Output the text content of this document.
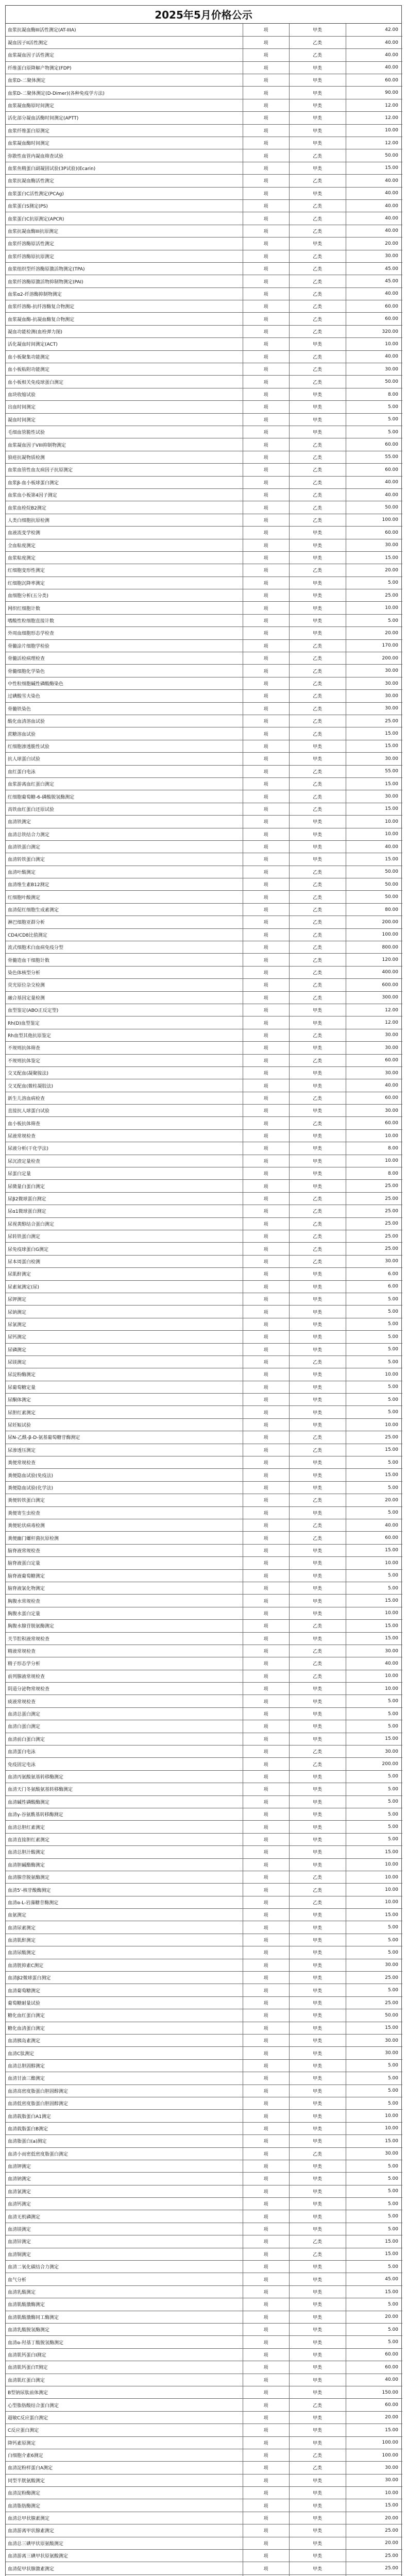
2025年5月价格公示
血浆抗凝血酶III活性测定(AT-IIIA)	项	甲类	42.00
凝血因子II活性测定	项	乙类	40.00
血浆凝血因子活性测定	项	乙类	40.00
纤维蛋白原降解产物测定(FDP)	项	甲类	40.00
血浆D-二聚体测定	项	甲类	60.00
血浆D-二聚体测定(D-Dimer)(各种免疫学方法)	项	甲类	90.00
血浆凝血酶原时间测定	项	甲类	12.00
活化部分凝血活酶时间测定(APTT)	项	甲类	12.00
血浆纤维蛋白原测定	项	甲类	10.00
血浆凝血酶时间测定	项	甲类	12.00
弥散性血管内凝血筛查试验	项	乙类	50.00
血浆鱼精蛋白副凝固试验(3P试验)(Ecarin)	项	甲类	15.00
血浆抗凝血酶活性测定	项	乙类	40.00
血浆蛋白C活性测定(PCAg)	项	甲类	40.00
血浆蛋白S测定(PS)	项	乙类	40.00
血浆蛋白C抗原测定(APCR)	项	乙类	40.00
血浆抗凝血酶III抗原测定	项	乙类	40.00
血浆纤溶酶原活性测定	项	甲类	20.00
血浆纤溶酶原抗原测定	项	乙类	30.00
血浆组织型纤溶酶原激活物测定(TPA)	项	乙类	45.00
血浆纤溶酶原激活物抑制物测定(PAI)	项	乙类	45.00
血浆α2-纤溶酶抑制物测定	项	乙类	40.00
血浆纤溶酶-抗纤溶酶复合物测定	项	乙类	60.00
血浆凝血酶-抗凝血酶复合物测定	项	乙类	60.00
凝血功能检测(血栓弹力图)	项	乙类	320.00
活化凝血时间测定(ACT)	项	甲类	10.00
血小板聚集功能测定	项	乙类	40.00
血小板粘附功能测定	项	乙类	30.00
血小板相关免疫球蛋白测定	项	乙类	50.00
血块收缩试验	项	甲类	8.00
出血时间测定	项	甲类	5.00
凝血时间测定	项	甲类	5.00
毛细血管脆性试验	项	甲类	5.00
血浆凝血因子VIII抑制物测定	项	乙类	60.00
狼疮抗凝物质检测	项	乙类	55.00
血浆血管性血友病因子抗原测定	项	乙类	60.00
血浆β-血小板球蛋白测定	项	乙类	40.00
血浆血小板第4因子测定	项	乙类	40.00
血浆血栓烷B2测定	项	乙类	50.00
人类白细胞抗原检测	项	乙类	100.00
血液流变学检测	项	甲类	60.00
全血粘度测定	项	甲类	30.00
血浆粘度测定	项	甲类	15.00
红细胞变形性测定	项	乙类	20.00
红细胞沉降率测定	项	甲类	5.00
血细胞分析(五分类)	项	甲类	25.00
网织红细胞计数	项	甲类	10.00
嗜酸性粒细胞直接计数	项	甲类	5.00
外周血细胞形态学检查	项	甲类	20.00
骨髓涂片细胞学检验	项	乙类	170.00
骨髓活检病理检查	项	乙类	200.00
骨髓细胞化学染色	项	乙类	30.00
中性粒细胞碱性磷酸酶染色	项	乙类	30.00
过碘酸雪夫染色	项	乙类	30.00
骨髓铁染色	项	乙类	30.00
酸化血清溶血试验	项	乙类	25.00
蔗糖溶血试验	项	乙类	15.00
红细胞渗透脆性试验	项	甲类	15.00
抗人球蛋白试验	项	甲类	30.00
血红蛋白电泳	项	乙类	55.00
血浆游离血红蛋白测定	项	乙类	15.00
红细胞葡萄糖-6-磷酸脱氢酶测定	项	乙类	30.00
高铁血红蛋白还原试验	项	乙类	15.00
血清铁测定	项	甲类	10.00
血清总铁结合力测定	项	甲类	10.00
血清铁蛋白测定	项	甲类	40.00
血清转铁蛋白测定	项	甲类	15.00
血清叶酸测定	项	乙类	50.00
血清维生素B12测定	项	乙类	50.00
红细胞叶酸测定	项	乙类	50.00
血清促红细胞生成素测定	项	乙类	80.00
淋巴细胞亚群分析	项	乙类	200.00
CD4/CD8比值测定	项	乙类	100.00
流式细胞术白血病免疫分型	项	乙类	800.00
骨髓造血干细胞计数	项	乙类	120.00
染色体核型分析	项	乙类	400.00
荧光原位杂交检测	项	乙类	600.00
融合基因定量检测	项	乙类	300.00
血型鉴定(ABO正反定型)	项	甲类	12.00
Rh(D)血型鉴定	项	甲类	12.00
Rh血型其他抗原鉴定	项	乙类	30.00
不规则抗体筛查	项	甲类	30.00
不规则抗体鉴定	项	乙类	60.00
交叉配血(凝聚胺法)	项	甲类	30.00
交叉配血(微柱凝胶法)	项	甲类	40.00
新生儿溶血病检查	项	乙类	60.00
直接抗人球蛋白试验	项	甲类	30.00
血小板抗体筛查	项	乙类	60.00
尿液常规检查	项	甲类	10.00
尿液分析(干化学法)	项	甲类	8.00
尿沉渣定量检查	项	甲类	10.00
尿蛋白定量	项	甲类	8.00
尿微量白蛋白测定	项	甲类	25.00
尿β2微球蛋白测定	项	乙类	25.00
尿α1微球蛋白测定	项	乙类	25.00
尿视黄醇结合蛋白测定	项	乙类	25.00
尿转铁蛋白测定	项	乙类	25.00
尿免疫球蛋白G测定	项	乙类	25.00
尿本周蛋白检测	项	乙类	30.00
尿肌酐测定	项	甲类	6.00
尿素氮测定(尿)	项	甲类	6.00
尿钾测定	项	甲类	5.00
尿钠测定	项	甲类	5.00
尿氯测定	项	甲类	5.00
尿钙测定	项	甲类	5.00
尿磷测定	项	甲类	5.00
尿镁测定	项	乙类	5.00
尿淀粉酶测定	项	甲类	10.00
尿葡萄糖定量	项	甲类	5.00
尿酮体测定	项	甲类	5.00
尿胆红素测定	项	甲类	5.00
尿妊娠试验	项	甲类	10.00
尿N-乙酰-β-D-氨基葡萄糖苷酶测定	项	乙类	25.00
尿渗透压测定	项	乙类	15.00
粪便常规检查	项	甲类	5.00
粪便隐血试验(免疫法)	项	甲类	15.00
粪便隐血试验(化学法)	项	甲类	5.00
粪便转铁蛋白测定	项	乙类	20.00
粪便寄生虫检查	项	甲类	5.00
粪便轮状病毒检测	项	乙类	40.00
粪便幽门螺杆菌抗原检测	项	乙类	60.00
脑脊液常规检查	项	甲类	15.00
脑脊液蛋白定量	项	甲类	10.00
脑脊液葡萄糖测定	项	甲类	5.00
脑脊液氯化物测定	项	甲类	5.00
胸腹水常规检查	项	甲类	15.00
胸腹水蛋白定量	项	甲类	10.00
胸腹水腺苷脱氨酶测定	项	乙类	15.00
关节腔积液常规检查	项	甲类	15.00
精液常规检查	项	乙类	30.00
精子形态学分析	项	乙类	40.00
前列腺液常规检查	项	乙类	10.00
阴道分泌物常规检查	项	甲类	10.00
痰液常规检查	项	甲类	5.00
血清总蛋白测定	项	甲类	5.00
血清白蛋白测定	项	甲类	5.00
血清前白蛋白测定	项	甲类	15.00
血清蛋白电泳	项	乙类	30.00
免疫固定电泳	项	乙类	200.00
血清丙氨酸氨基转移酶测定	项	甲类	5.00
血清天门冬氨酸氨基转移酶测定	项	甲类	5.00
血清碱性磷酸酶测定	项	甲类	5.00
血清γ-谷氨酰基转移酶测定	项	甲类	5.00
血清总胆红素测定	项	甲类	5.00
血清直接胆红素测定	项	甲类	5.00
血清总胆汁酸测定	项	甲类	15.00
血清胆碱酯酶测定	项	甲类	10.00
血清腺苷脱氨酶测定	项	乙类	10.00
血清5'-核苷酸酶测定	项	乙类	10.00
血清α-L-岩藻糖苷酶测定	项	乙类	10.00
血氨测定	项	甲类	15.00
血清尿素测定	项	甲类	5.00
血清肌酐测定	项	甲类	5.00
血清尿酸测定	项	甲类	5.00
血清胱抑素C测定	项	甲类	30.00
血清β2微球蛋白测定	项	甲类	25.00
血清葡萄糖测定	项	甲类	5.00
葡萄糖耐量试验	项	甲类	25.00
糖化血红蛋白测定	项	甲类	50.00
糖化血清蛋白测定	项	甲类	15.00
血清胰岛素测定	项	甲类	30.00
血清C肽测定	项	甲类	30.00
血清总胆固醇测定	项	甲类	5.00
血清甘油三酯测定	项	甲类	5.00
血清高密度脂蛋白胆固醇测定	项	甲类	5.00
血清低密度脂蛋白胆固醇测定	项	甲类	5.00
血清载脂蛋白A1测定	项	甲类	10.00
血清载脂蛋白B测定	项	甲类	10.00
血清脂蛋白(a)测定	项	甲类	15.00
血清小而密低密度脂蛋白测定	项	乙类	30.00
血清钾测定	项	甲类	5.00
血清钠测定	项	甲类	5.00
血清氯测定	项	甲类	5.00
血清钙测定	项	甲类	5.00
血清无机磷测定	项	甲类	5.00
血清镁测定	项	甲类	5.00
血清锌测定	项	乙类	15.00
血清铜测定	项	乙类	15.00
血清二氧化碳结合力测定	项	甲类	5.00
血气分析	项	甲类	45.00
血清乳酸测定	项	甲类	15.00
血清肌酸激酶测定	项	甲类	5.00
血清肌酸激酶同工酶测定	项	甲类	20.00
血清乳酸脱氢酶测定	项	甲类	5.00
血清α-羟基丁酸脱氢酶测定	项	甲类	5.00
血清肌钙蛋白I测定	项	甲类	60.00
血清肌钙蛋白T测定	项	甲类	60.00
血清肌红蛋白测定	项	甲类	40.00
B型钠尿肽前体测定	项	甲类	150.00
心型脂肪酸结合蛋白测定	项	乙类	60.00
超敏C反应蛋白测定	项	甲类	20.00
C反应蛋白测定	项	甲类	15.00
降钙素原测定	项	甲类	100.00
白细胞介素6测定	项	乙类	100.00
血清淀粉样蛋白A测定	项	乙类	30.00
同型半胱氨酸测定	项	甲类	30.00
血清淀粉酶测定	项	甲类	10.00
血清脂肪酶测定	项	甲类	15.00
血清总甲状腺素测定	项	甲类	20.00
血清游离甲状腺素测定	项	甲类	25.00
血清总三碘甲状原氨酸测定	项	甲类	20.00
血清游离三碘甲状原氨酸测定	项	甲类	25.00
血清促甲状腺激素测定	项	甲类	25.00
